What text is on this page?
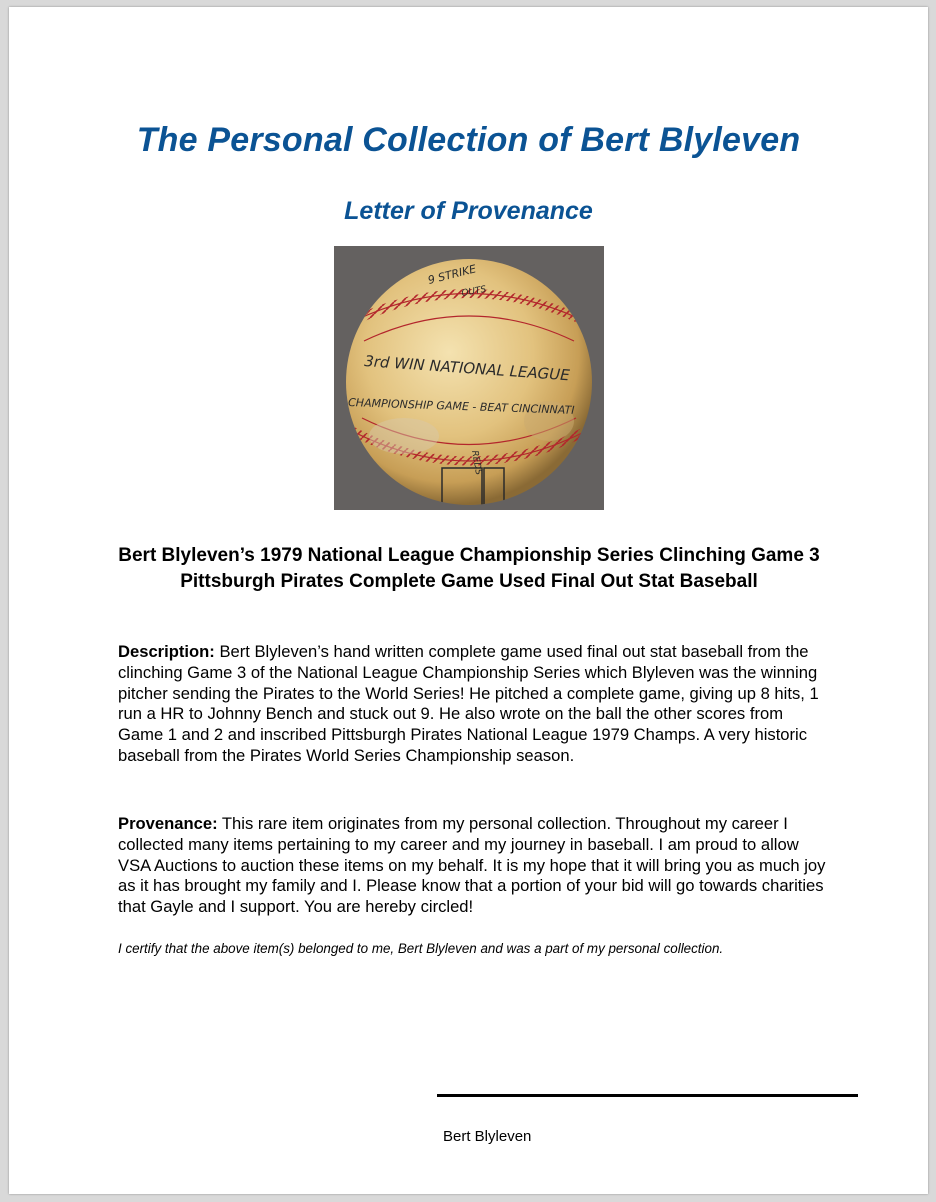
The Personal Collection of Bert Blyleven
Letter of Provenance
9 STRIKE
OUTS
3rd WIN NATIONAL LEAGUE
CHAMPIONSHIP GAME - BEAT CINCINNATI
REDS
Bert Blyleven’s 1979 National League Championship Series Clinching Game 3 Pittsburgh Pirates Complete Game Used Final Out Stat Baseball

Description: Bert Blyleven’s hand written complete game used final out stat baseball from the clinching Game 3 of the National League Championship Series which Blyleven was the winning pitcher sending the Pirates to the World Series! He pitched a complete game, giving up 8 hits, 1 run a HR to Johnny Bench and stuck out 9. He also wrote on the ball the other scores from Game 1 and 2 and inscribed Pittsburgh Pirates National League 1979 Champs. A very historic baseball from the Pirates World Series Championship season.

Provenance: This rare item originates from my personal collection. Throughout my career I collected many items pertaining to my career and my journey in baseball. I am proud to allow VSA Auctions to auction these items on my behalf. It is my hope that it will bring you as much joy as it has brought my family and I. Please know that a portion of your bid will go towards charities that Gayle and I support. You are hereby circled!

I certify that the above item(s) belonged to me, Bert Blyleven and was a part of my personal collection.

Bert Blyleven
